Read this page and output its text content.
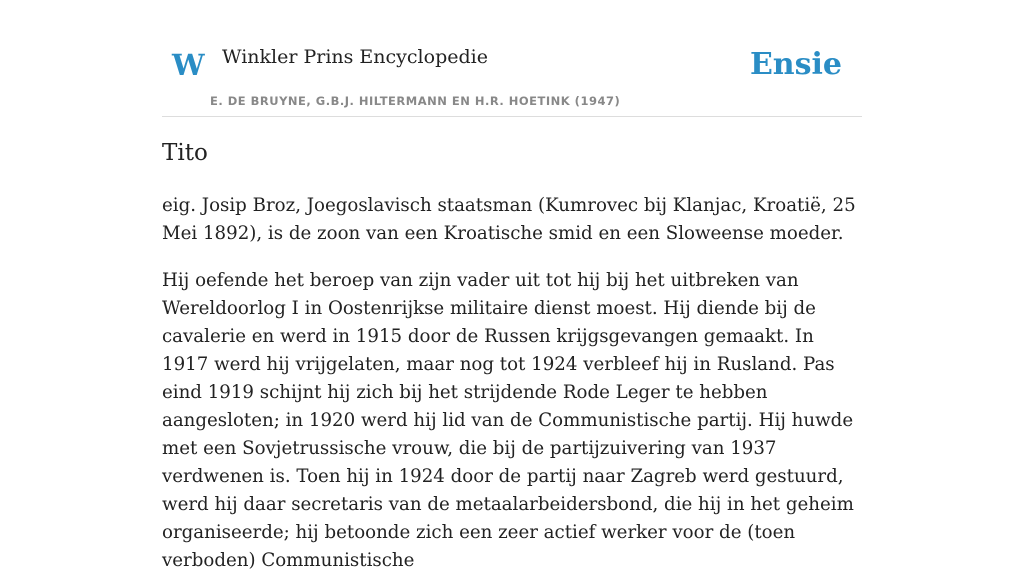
W Winkler Prins Encyclopedie
E. DE BRUYNE, G.B.J. HILTERMANN EN H.R. HOETINK (1947)
Ensie
Tito

eig. Josip Broz, Joegoslavisch staatsman (Kumrovec bij Klanjac, Kroatië, 25 Mei 1892), is de zoon van een Kroatische smid en een Sloweense moeder.

Hij oefende het beroep van zijn vader uit tot hij bij het uitbreken van Wereldoorlog I in Oostenrijkse militaire dienst moest. Hij diende bij de cavalerie en werd in 1915 door de Russen krijgsgevangen gemaakt. In 1917 werd hij vrijgelaten, maar nog tot 1924 verbleef hij in Rusland. Pas eind 1919 schijnt hij zich bij het strijdende Rode Leger te hebben aangesloten; in 1920 werd hij lid van de Communistische partij. Hij huwde met een Sovjetrussische vrouw, die bij de partijzuivering van 1937 verdwenen is. Toen hij in 1924 door de partij naar Zagreb werd gestuurd, werd hij daar secretaris van de metaalarbeidersbond, die hij in het geheim organiseerde; hij betoonde zich een zeer actief werker voor de (toen verboden) Communistische
